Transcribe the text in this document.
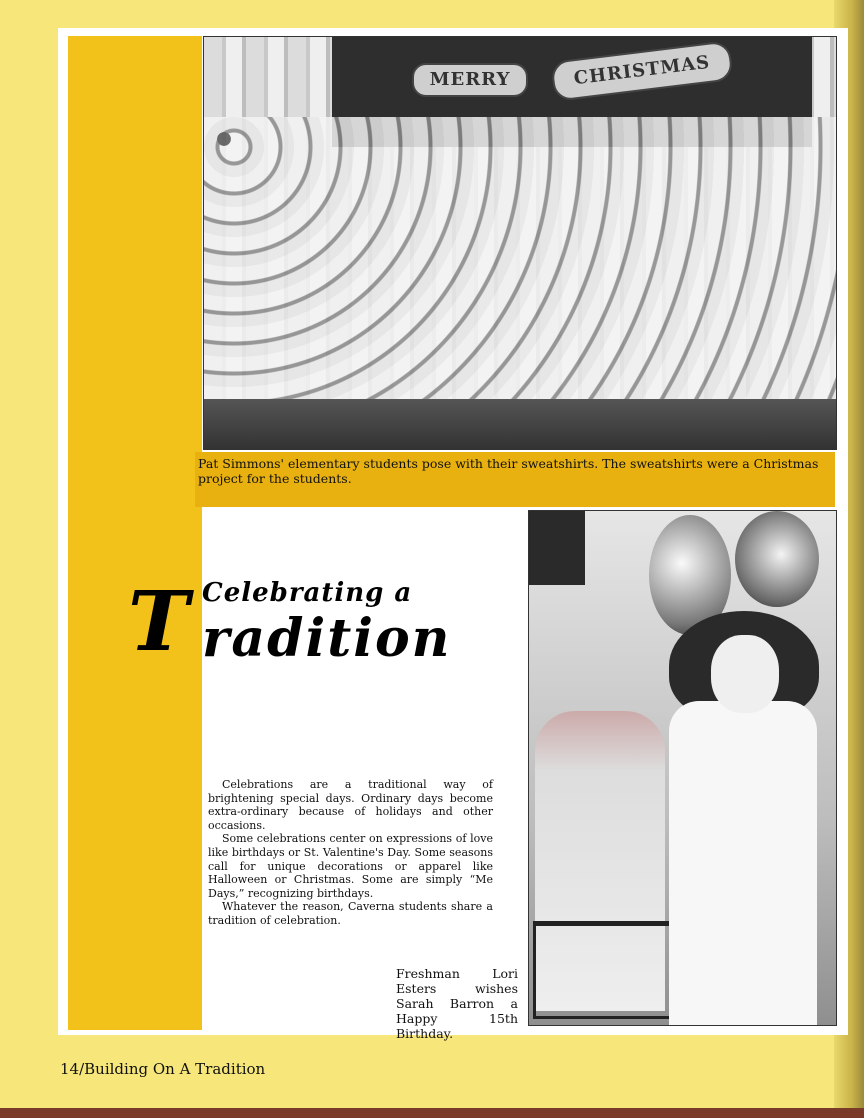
MERRY	CHRISTMAS
Pat Simmons' elementary students pose with their sweatshirts. The sweatshirts were a Christmas project for the students.
T Celebrating a
radition

Celebrations are a traditional way of brightening special days. Ordinary days become extra-ordinary because of holidays and other occasions.

Some celebrations center on expressions of love like birthdays or St. Valentine's Day. Some seasons call for unique decorations or apparel like Halloween or Christmas. Some are simply “Me Days,” recognizing birthdays.

Whatever the reason, Caverna students share a tradition of celebration.

Freshman Lori Esters wishes Sarah Barron a Happy 15th Birthday.
14/Building On A Tradition
